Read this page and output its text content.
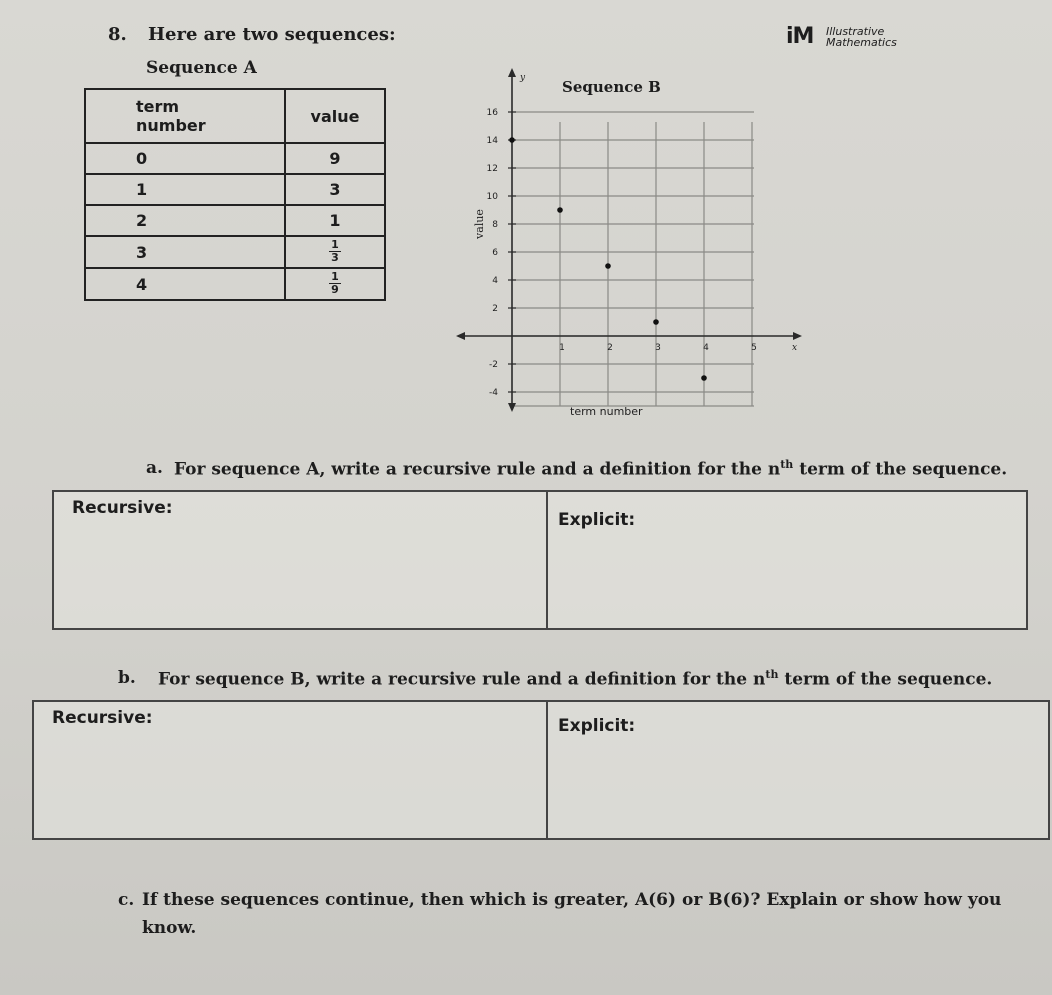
8. Here are two sequences:	iM Illustrative
Mathematics
Sequence A
term
number	value
0	9
1	3
2	1
3	$\frac{1}{3}$

4	$\frac{1}{9}$
1	2	3	4	5
16
14
12
10
8
6
4
2
-2
-4
x
y Sequence B
term number
value
a. For sequence A, write a recursive rule and a definition for the $n^{th}$ term of the sequence.
Recursive:
Explicit:
b. For sequence B, write a recursive rule and a definition for the $n^{th}$ term of the sequence.
Recursive:	Explicit:
c. If these sequences continue, then which is greater, A(6) or B(6)? Explain or show how you
know.
